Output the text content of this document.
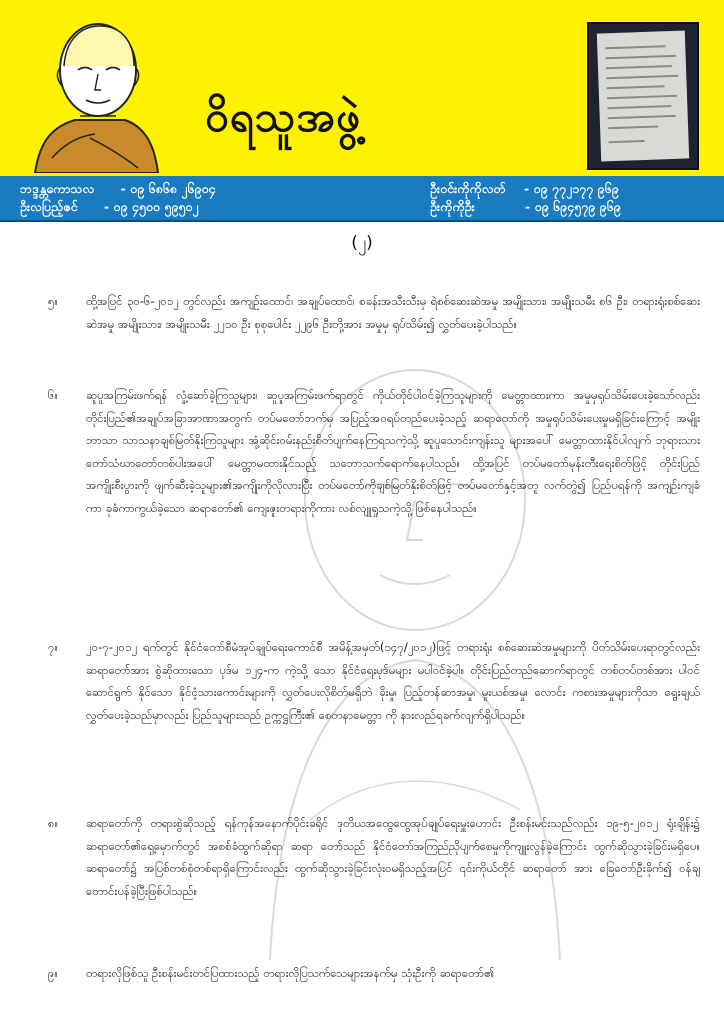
ဝိရသူအဖွဲ့
ဘဒ္ဒန္တကောသလ - ၀၉ ၆၈၆၈ ၂၆၉၀၄
ဦးလပြည့်ဇင် - ၀၉ ၄၅၀၀ ၅၉၅၀၂
ဦးဝင်းကိုကိုလတ် - ၀၉ ၇၇၂၁၇၇ ၉၆၉
ဦးကိုကိုဦး	- ၀၉ ၆၉၄၅၇၉ ၉၆၉
(၂)
၅။	ထို့အပြင် ၃၀-၆-၂၀၁၂ တွင်လည်း အကျဉ်းထောင်၊ အချုပ်ထောင်၊ စခန်းအသီးသီးမှ ရဲစစ်ဆေးဆဲအမှု အမျိုးသား၊ အမျိုးသမီး ၈၆ ဦး၊ တရားရုံးစစ်ဆေးဆဲအမှု အမျိုးသား၊ အမျိုးသမီး ၂၂၁၀ ဦး စုစုပေါင်း ၂၂၉၆ ဦးတို့အား အမှုမှ ရုပ်သိမ်း၍ လွှတ်ပေးခဲ့ပါသည်။
၆။	ဆူပူအကြမ်းဖက်ရန် လှုံ့ဆော်ခဲ့ကြသူများ၊ ဆူပူအကြမ်းဖက်ရာတွင် ကိုယ်တိုင်ပါဝင်ခဲ့ကြသူများကို မေတ္တာထားကာ အမှုမှရုပ်သိမ်းပေးခဲ့သော်လည်း တိုင်းပြည်၏အချုပ်အခြာအာဏာအတွက် တပ်မတော်ဘက်မှ အပြည့်အဝရပ်တည်ပေးခဲ့သည့် ဆရာတော်ကို အမှုရုပ်သိမ်းပေးမှုမရှိခြင်းကြောင့် အမျိုး ဘာသာ သာသနာချစ်မြတ်နိုးကြသူများ အုံ့ဆိုင်းဝမ်းနည်းစိတ်ပျက်နေကြရသကဲ့သို့ ဆူပူသောင်းကျန်းသူ များအပေါ် မေတ္တာထားနိုင်ပါလျက် ဘုရားသားတော်သံဃာတော်တစ်ပါးအပေါ် မေတ္တာမထားနိုင်သည့် သဘောသက်ရောက်နေပါသည်။ ထို့အပြင် တပ်မတော်မုန်းတီးရေးစိတ်ဖြင့် တိုင်းပြည်အကျိုးစီးပွားကို ဖျက်ဆီးခဲ့သူများ၏အကျိုးကိုလိုလားပြီး တပ်မတော်ကိုချစ်မြတ်နိုးစိတ်ဖြင့် တပ်မတော်နှင့်အတူ လက်တွဲ၍ ပြည်ပရန်ကို အကျဉ်းကျခံကာ ခုခံကာကွယ်ခဲ့သော ဆရာတော်၏ ကျေးဇူးတရားကိုကား လစ်လျူရှုသကဲ့သို့ ဖြစ်နေပါသည်။
၇။	၂၀-၇-၂၀၁၂ ရက်တွင် နိုင်ငံတော်စီမံအုပ်ချုပ်ရေးကောင်စီ အမိန့်အမှတ်(၁၄၇/၂၀၁၂)ဖြင့် တရားရုံး စစ်ဆေးဆဲအမှုများကို ပိတ်သိမ်းပေးရာတွင်လည်း ဆရာတော်အား စွဲဆိုထားသော ပုဒ်မ ၁၂၄-က ကဲ့သို့ သော နိုင်ငံရေးပုဒ်မများ မပါဝင်ခဲ့ပါ။ တိုင်းပြည်တည်ဆောက်ရာတွင် တစ်တပ်တစ်အား ပါဝင်ဆောင်ရွက် နိုင်သော နိုင်ငံ့သားကောင်းများကို လွှတ်ပေးလိုစိတ်မရှိဘဲ ခိုးမှု၊ ပြည့်တန်ဆာအမှု၊ မူးယစ်အမှု၊ လောင်း ကစားအမှုများကိုသာ ရွေးချယ်လွှတ်ပေးခဲ့သည်မှာလည်း ပြည်သူများသည် ဥက္ကဋ္ဌကြီး၏ စေတနာမေတ္တာ ကို နားလည်ရခက်လျက်ရှိပါသည်။
၈။	ဆရာတော်ကို တရားစွဲဆိုသည့် ရန်ကုန်အနောက်ပိုင်းခရိုင် ဒုတိယအထွေထွေအုပ်ချုပ်ရေးမှူးဟောင်း ဦးစန်းမင်းသည်လည်း ၁၉-၅-၂၀၁၂ ရုံးချိန်း၌ ဆရာတော်၏ရှေ့မှောက်တွင် အစစ်ခံထွက်ဆိုရာ ဆရာ တော်သည် နိုင်ငံတော်အကြည်ညိုပျက်စေမှုကိုကျူးလွန်ခဲ့ကြောင်း ထွက်ဆိုသွားခဲ့ခြင်းမရှိပေ။ဆရာတော်၌ အပြစ်တစ်စုံတစ်ရာရှိကြောင်းလည်း ထွက်ဆိုသွားခဲ့ခြင်းလုံးဝမရှိသည့်အပြင် ၎င်းကိုယ်တိုင် ဆရာတော် အား ခြေတော်ဦးခိုက်၍ ဝန်ချတောင်းပန်ခဲ့ပြီးဖြစ်ပါသည်။
၉။	တရားလိုဖြစ်သူ ဦးစန်းမင်းတင်ပြထားသည့် တရားလိုပြသက်သေများအနက်မှ သုံးဦးကို ဆရာတော်၏
